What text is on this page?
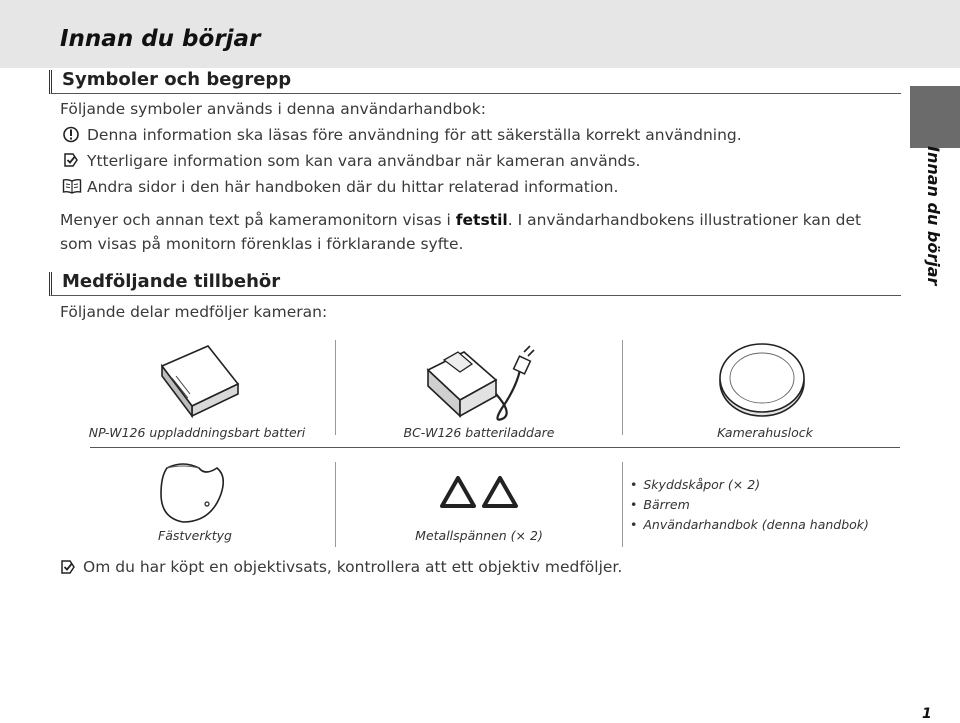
Innan du börjar
Innan du börjar
Symboler och begrepp
Följande symboler används i denna användarhandbok:
Denna information ska läsas före användning för att säkerställa korrekt användning.
Ytterligare information som kan vara användbar när kameran används.
Andra sidor i den här handboken där du hittar relaterad information.
Menyer och annan text på kameramonitorn visas i fetstil. I användarhandbokens illustrationer kan det
som visas på monitorn förenklas i förklarande syfte.
Medföljande tillbehör
Följande delar medföljer kameran:
NP-W126 uppladdningsbart batteri	BC-W126 batteriladdare	Kamerahuslock
Fästverktyg	Metallspännen (× 2)
• Skyddskåpor (× 2)
• Bärrem
• Användarhandbok (denna handbok)
Om du har köpt en objektivsats, kontrollera att ett objektiv medföljer.
1
